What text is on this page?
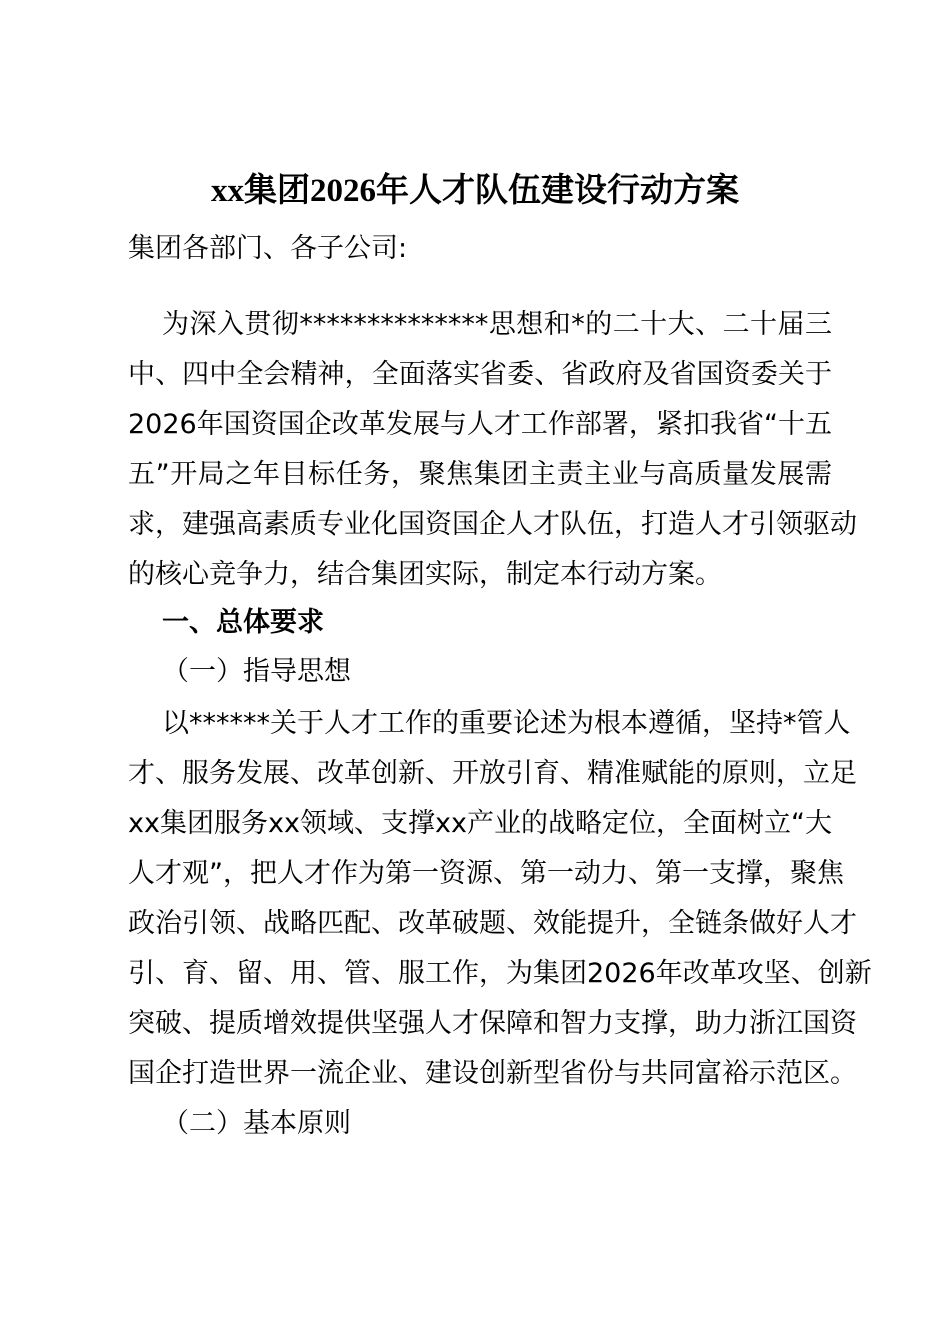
xx集团2026年人才队伍建设行动方案
集团各部门、各子公司:
为深入贯彻**************思想和*的二十大、二十届三
中、四中全会精神，全面落实省委、省政府及省国资委关于
2026年国资国企改革发展与人才工作部署，紧扣我省“十五
五”开局之年目标任务，聚焦集团主责主业与高质量发展需
求，建强高素质专业化国资国企人才队伍，打造人才引领驱动
的核心竞争力，结合集团实际，制定本行动方案。
一、总体要求
（一）指导思想
以******关于人才工作的重要论述为根本遵循，坚持*管人
才、服务发展、改革创新、开放引育、精准赋能的原则，立足
xx集团服务xx领域、支撑xx产业的战略定位，全面树立“大
人才观”，把人才作为第一资源、第一动力、第一支撑，聚焦
政治引领、战略匹配、改革破题、效能提升，全链条做好人才
引、育、留、用、管、服工作，为集团2026年改革攻坚、创新
突破、提质增效提供坚强人才保障和智力支撑，助力浙江国资
国企打造世界一流企业、建设创新型省份与共同富裕示范区。
（二）基本原则
